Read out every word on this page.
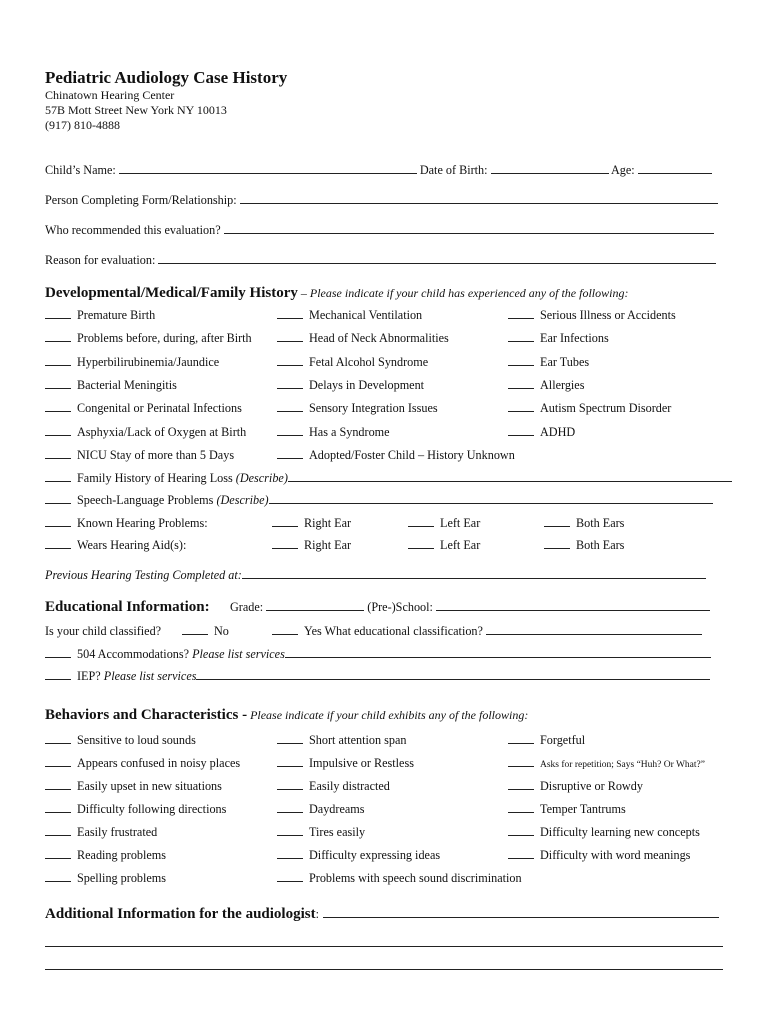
Pediatric Audiology Case History
Chinatown Hearing Center
57B Mott Street New York NY 10013
(917) 810-4888
Child’s Name:	Date of Birth:	Age:
Person Completing Form/Relationship:
Who recommended this evaluation?
Reason for evaluation:
Developmental/Medical/Family History – Please indicate if your child has experienced any of the following:
Premature Birth
Problems before, during, after Birth
Hyperbilirubinemia/Jaundice
Bacterial Meningitis
Congenital or Perinatal Infections
Asphyxia/Lack of Oxygen at Birth
NICU Stay of more than 5 Days
Mechanical Ventilation
Head of Neck Abnormalities
Fetal Alcohol Syndrome
Delays in Development
Sensory Integration Issues
Has a Syndrome
Adopted/Foster Child – History Unknown
Serious Illness or Accidents
Ear Infections
Ear Tubes
Allergies
Autism Spectrum Disorder
ADHD
Family History of Hearing Loss (Describe)
Speech-Language Problems (Describe)
Known Hearing Problems:	Right Ear	Left Ear	Both Ears
Wears Hearing Aid(s):	Right Ear	Left Ear	Both Ears
Previous Hearing Testing Completed at:
Educational Information: Grade:	(Pre-)School:
Is your child classified?	No	Yes What educational classification?
504 Accommodations? Please list services
IEP? Please list services
Behaviors and Characteristics - Please indicate if your child exhibits any of the following:
Sensitive to loud sounds
Appears confused in noisy places
Easily upset in new situations
Difficulty following directions
Easily frustrated
Reading problems
Spelling problems
Short attention span
Impulsive or Restless
Easily distracted
Daydreams
Tires easily
Difficulty expressing ideas
Problems with speech sound discrimination
Forgetful
Asks for repetition; Says “Huh? Or What?”
Disruptive or Rowdy
Temper Tantrums
Difficulty learning new concepts
Difficulty with word meanings
Additional Information for the audiologist:
